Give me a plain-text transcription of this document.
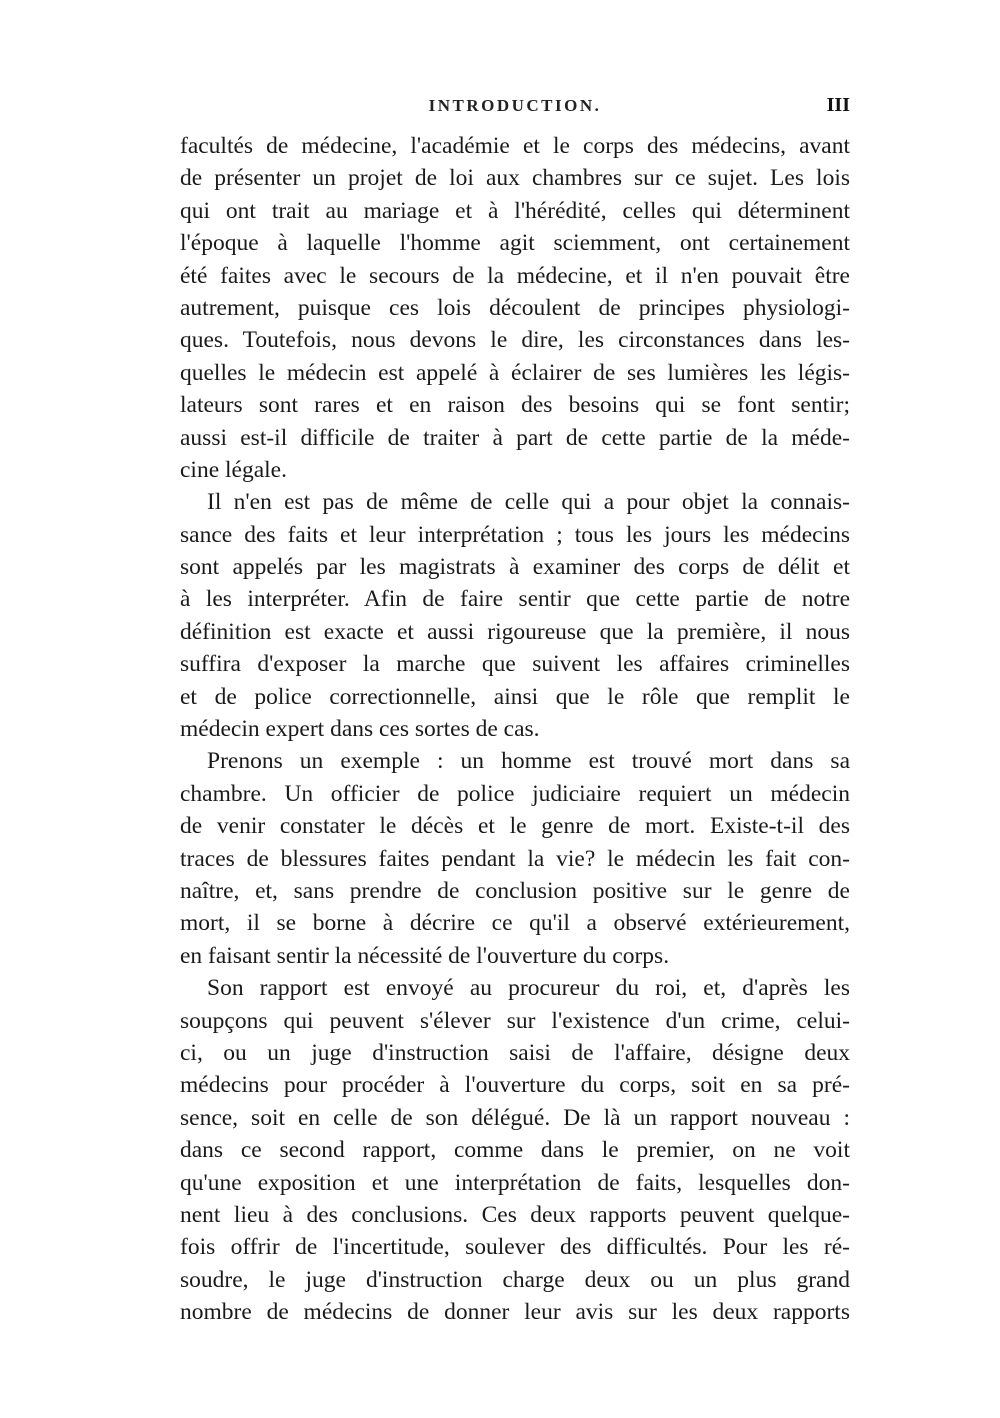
INTRODUCTION.	III
facultés de médecine, l'académie et le corps des médecins, avant
de présenter un projet de loi aux chambres sur ce sujet. Les lois
qui ont trait au mariage et à l'hérédité, celles qui déterminent
l'époque à laquelle l'homme agit sciemment, ont certainement
été faites avec le secours de la médecine, et il n'en pouvait être
autrement, puisque ces lois découlent de principes physiologi-
ques. Toutefois, nous devons le dire, les circonstances dans les-
quelles le médecin est appelé à éclairer de ses lumières les légis-
lateurs sont rares et en raison des besoins qui se font sentir;
aussi est-il difficile de traiter à part de cette partie de la méde-
cine légale.
Il n'en est pas de même de celle qui a pour objet la connais-
sance des faits et leur interprétation ; tous les jours les médecins
sont appelés par les magistrats à examiner des corps de délit et
à les interpréter. Afin de faire sentir que cette partie de notre
définition est exacte et aussi rigoureuse que la première, il nous
suffira d'exposer la marche que suivent les affaires criminelles
et de police correctionnelle, ainsi que le rôle que remplit le
médecin expert dans ces sortes de cas.
Prenons un exemple : un homme est trouvé mort dans sa
chambre. Un officier de police judiciaire requiert un médecin
de venir constater le décès et le genre de mort. Existe-t-il des
traces de blessures faites pendant la vie? le médecin les fait con-
naître, et, sans prendre de conclusion positive sur le genre de
mort, il se borne à décrire ce qu'il a observé extérieurement,
en faisant sentir la nécessité de l'ouverture du corps.
Son rapport est envoyé au procureur du roi, et, d'après les
soupçons qui peuvent s'élever sur l'existence d'un crime, celui-
ci, ou un juge d'instruction saisi de l'affaire, désigne deux
médecins pour procéder à l'ouverture du corps, soit en sa pré-
sence, soit en celle de son délégué. De là un rapport nouveau :
dans ce second rapport, comme dans le premier, on ne voit
qu'une exposition et une interprétation de faits, lesquelles don-
nent lieu à des conclusions. Ces deux rapports peuvent quelque-
fois offrir de l'incertitude, soulever des difficultés. Pour les ré-
soudre, le juge d'instruction charge deux ou un plus grand
nombre de médecins de donner leur avis sur les deux rapports
